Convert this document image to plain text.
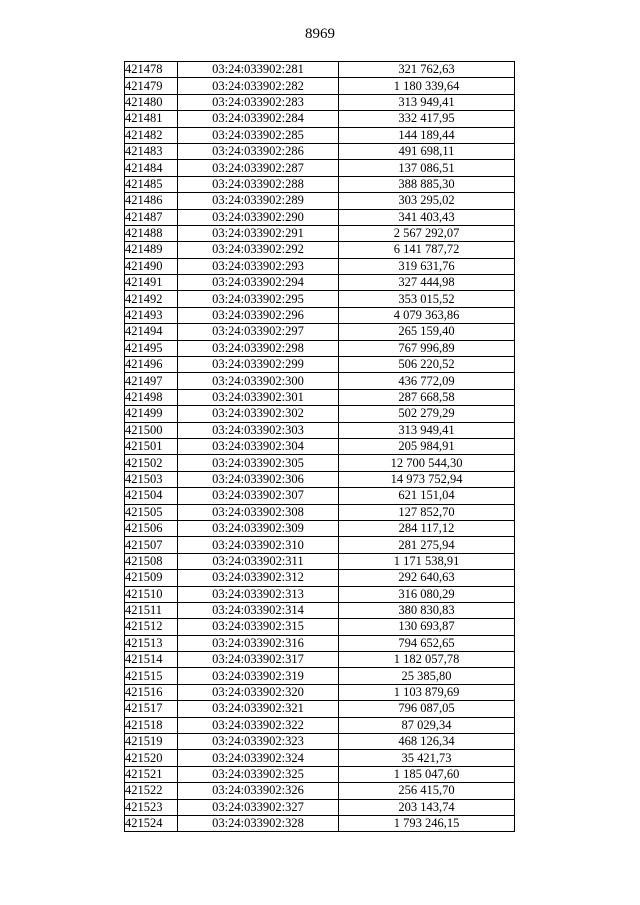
8969
421478	03:24:033902:281	321 762,63
421479	03:24:033902:282	1 180 339,64
421480	03:24:033902:283	313 949,41
421481	03:24:033902:284	332 417,95
421482	03:24:033902:285	144 189,44
421483	03:24:033902:286	491 698,11
421484	03:24:033902:287	137 086,51
421485	03:24:033902:288	388 885,30
421486	03:24:033902:289	303 295,02
421487	03:24:033902:290	341 403,43
421488	03:24:033902:291	2 567 292,07
421489	03:24:033902:292	6 141 787,72
421490	03:24:033902:293	319 631,76
421491	03:24:033902:294	327 444,98
421492	03:24:033902:295	353 015,52
421493	03:24:033902:296	4 079 363,86
421494	03:24:033902:297	265 159,40
421495	03:24:033902:298	767 996,89
421496	03:24:033902:299	506 220,52
421497	03:24:033902:300	436 772,09
421498	03:24:033902:301	287 668,58
421499	03:24:033902:302	502 279,29
421500	03:24:033902:303	313 949,41
421501	03:24:033902:304	205 984,91
421502	03:24:033902:305	12 700 544,30
421503	03:24:033902:306	14 973 752,94
421504	03:24:033902:307	621 151,04
421505	03:24:033902:308	127 852,70
421506	03:24:033902:309	284 117,12
421507	03:24:033902:310	281 275,94
421508	03:24:033902:311	1 171 538,91
421509	03:24:033902:312	292 640,63
421510	03:24:033902:313	316 080,29
421511	03:24:033902:314	380 830,83
421512	03:24:033902:315	130 693,87
421513	03:24:033902:316	794 652,65
421514	03:24:033902:317	1 182 057,78
421515	03:24:033902:319	25 385,80
421516	03:24:033902:320	1 103 879,69
421517	03:24:033902:321	796 087,05
421518	03:24:033902:322	87 029,34
421519	03:24:033902:323	468 126,34
421520	03:24:033902:324	35 421,73
421521	03:24:033902:325	1 185 047,60
421522	03:24:033902:326	256 415,70
421523	03:24:033902:327	203 143,74
421524	03:24:033902:328	1 793 246,15
